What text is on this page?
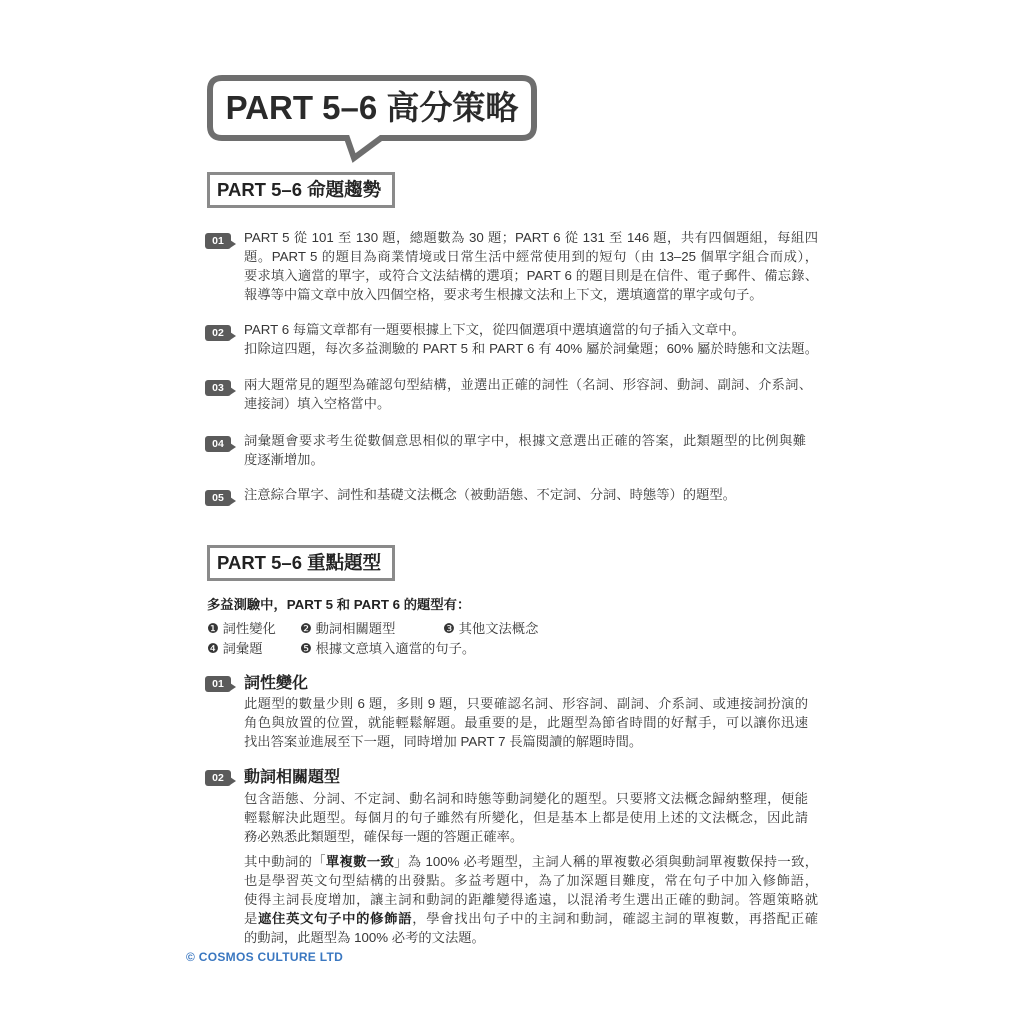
PART 5–6 高分策略
PART 5–6 命題趨勢
01	PART 5 從 101 至 130 題，總題數為 30 題；PART 6 從 131 至 146 題，共有四個題組，每組四
題。PART 5 的題目為商業情境或日常生活中經常使用到的短句（由 13–25 個單字組合而成），
要求填入適當的單字，或符合文法結構的選項；PART 6 的題目則是在信件、電子郵件、備忘錄、
報導等中篇文章中放入四個空格，要求考生根據文法和上下文，選填適當的單字或句子。
02	PART 6 每篇文章都有一題要根據上下文，從四個選項中選填適當的句子插入文章中。
扣除這四題，每次多益測驗的 PART 5 和 PART 6 有 40% 屬於詞彙題；60% 屬於時態和文法題。
03	兩大題常見的題型為確認句型結構，並選出正確的詞性（名詞、形容詞、動詞、副詞、介系詞、
連接詞）填入空格當中。
04	詞彙題會要求考生從數個意思相似的單字中，根據文意選出正確的答案，此類題型的比例與難
度逐漸增加。
05	注意綜合單字、詞性和基礎文法概念（被動語態、不定詞、分詞、時態等）的題型。
PART 5–6 重點題型
多益測驗中，PART 5 和 PART 6 的題型有：
❶ 詞性變化 ❷ 動詞相關題型	❸ 其他文法概念
❹ 詞彙題	❺ 根據文意填入適當的句子。
01	詞性變化
此題型的數量少則 6 題，多則 9 題，只要確認名詞、形容詞、副詞、介系詞、或連接詞扮演的
角色與放置的位置，就能輕鬆解題。最重要的是，此題型為節省時間的好幫手，可以讓你迅速
找出答案並進展至下一題，同時增加 PART 7 長篇閱讀的解題時間。
02	動詞相關題型
包含語態、分詞、不定詞、動名詞和時態等動詞變化的題型。只要將文法概念歸納整理，便能
輕鬆解決此題型。每個月的句子雖然有所變化，但是基本上都是使用上述的文法概念，因此請
務必熟悉此類題型，確保每一題的答題正確率。
其中動詞的「單複數一致」為 100% 必考題型，主詞人稱的單複數必須與動詞單複數保持一致，
也是學習英文句型結構的出發點。多益考題中，為了加深題目難度，常在句子中加入修飾語，
使得主詞長度增加，讓主詞和動詞的距離變得遙遠，以混淆考生選出正確的動詞。答題策略就
是遮住英文句子中的修飾語，學會找出句子中的主詞和動詞，確認主詞的單複數，再搭配正確
的動詞，此題型為 100% 必考的文法題。
© COSMOS CULTURE LTD
